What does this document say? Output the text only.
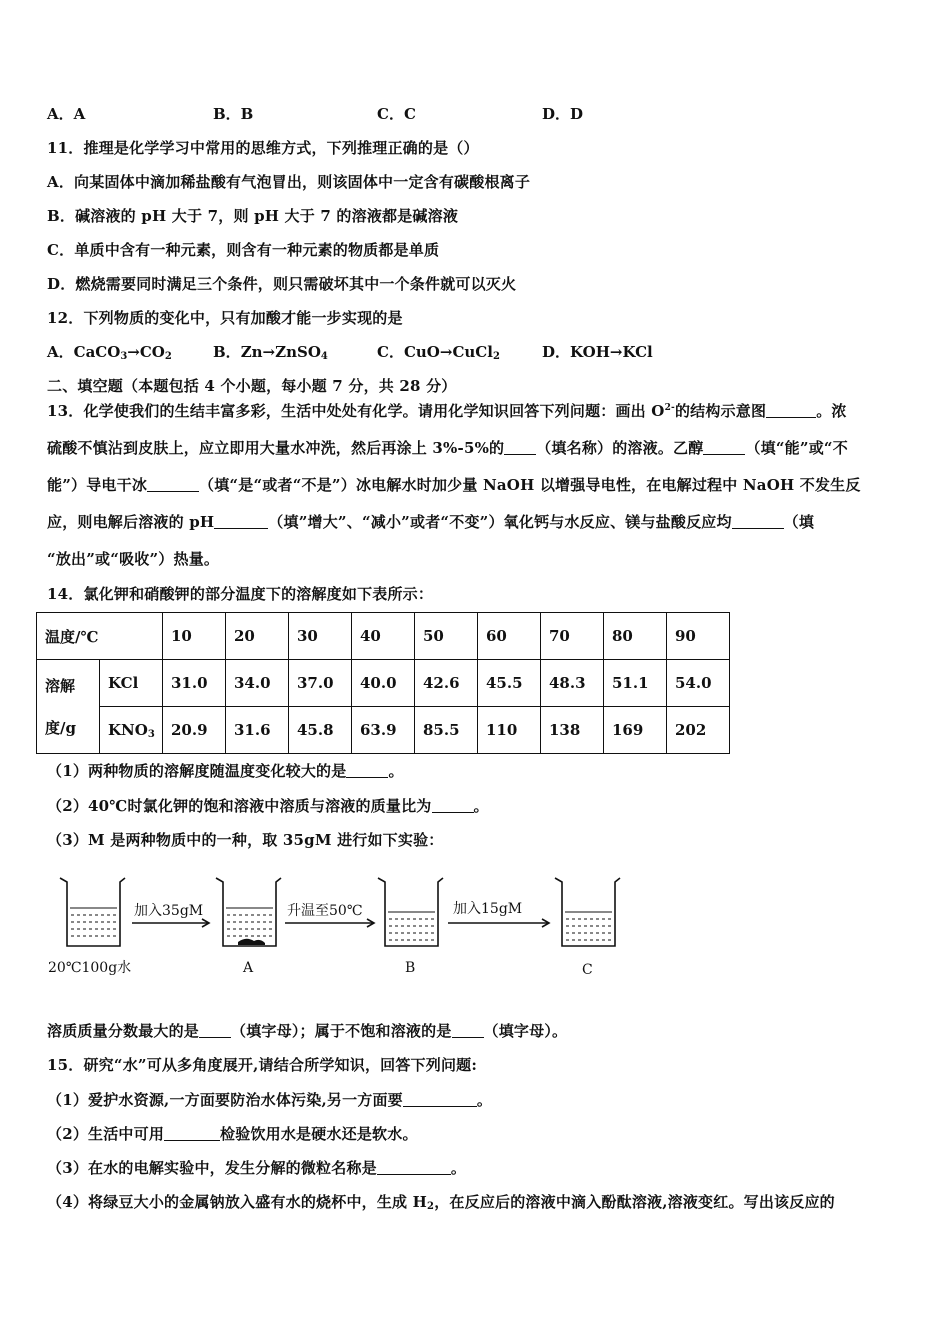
A．A	B．B	C．C	D．D
11．推理是化学学习中常用的思维方式，下列推理正确的是（）
A．向某固体中滴加稀盐酸有气泡冒出，则该固体中一定含有碳酸根离子
B．碱溶液的 pH 大于 7，则 pH 大于 7 的溶液都是碱溶液
C．单质中含有一种元素，则含有一种元素的物质都是单质
D．燃烧需要同时满足三个条件，则只需破坏其中一个条件就可以灭火
12．下列物质的变化中，只有加酸才能一步实现的是
A．$CaCO_3\to CO_2$	B．Zn→ZnSO$_4$	C．CuO→CuCl$_2$	D．KOH→KCl
二、填空题（本题包括 4 个小题，每小题 7 分，共 28 分）
13．化学使我们的生结丰富多彩，生活中处处有化学。请用化学知识回答下列问题：画出 $O^{2-}$的结构示意图	。浓
硫酸不慎沾到皮肤上，应立即用大量水冲洗，然后再涂上 3%-5%的 （填名称）的溶液。乙醇	（填“能”或“不
能”）导电干冰	（填“是“或者“不是”）冰电解水时加少量 NaOH 以增强导电性，在电解过程中 NaOH 不发生反
应，则电解后溶液的 pH	（填”增大”、“减小”或者“不变”）氧化钙与水反应、镁与盐酸反应均	（填
“放出”或“吸收”）热量。
14．氯化钾和硝酸钾的部分温度下的溶解度如下表所示：
温度/℃		10	20	30	40	50	60	70	80	90
溶解
度/g	KCl	31.0	34.0	37.0	40.0	42.6	45.5	48.3	51.1	54.0
	$KNO_3$	20.9	31.6	45.8	63.9	85.5	110	138	169	202
（1）两种物质的溶解度随温度变化较大的是	。
（2）40℃时氯化钾的饱和溶液中溶质与溶液的质量比为	。
（3）M 是两种物质中的一种，取 35gM 进行如下实验：
加入35gM	升温至50℃	加入15gM
20℃100g水	A	B	C
溶质质量分数最大的是 （填字母）；属于不饱和溶液的是 （填字母）。
15．研究“水”可从多角度展开,请结合所学知识，回答下列问题:
（1）爱护水资源,一方面要防治水体污染,另一方面要	。
（2）生活中可用	检验饮用水是硬水还是软水。
（3）在水的电解实验中，发生分解的微粒名称是	。
（4）将绿豆大小的金属钠放入盛有水的烧杯中，生成 $H_2$，在反应后的溶液中滴入酚酞溶液,溶液变红。写出该反应的
